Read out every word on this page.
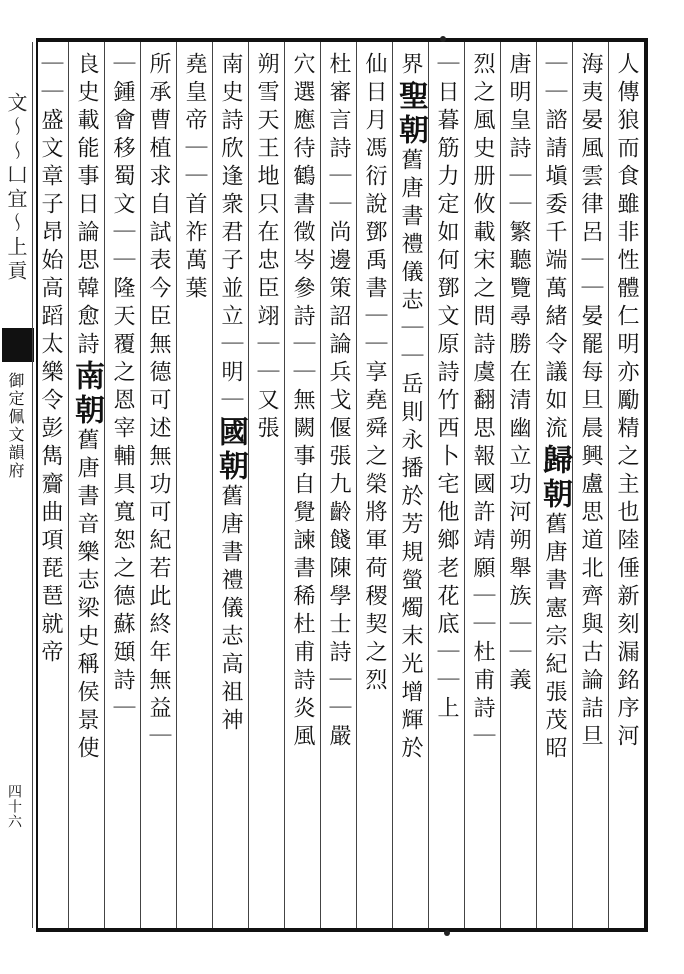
文〜〜凵宜〜上貢
御定佩文韻府
四十六
人傳狼而食雖非性體仁明亦勵精之主也陸倕新刻漏銘序河
海夷晏風雲律呂｜｜晏罷每旦晨興盧思道北齊與古論詰旦
｜｜諮請塡委千端萬緒令議如流歸朝舊唐書憲宗紀張茂昭
唐明皇詩｜｜繁聽覽尋勝在清幽立功河朔舉族｜｜義
烈之風史册攸載宋之問詩虞翻思報國許靖願｜｜杜甫詩｜
｜日暮筋力定如何鄧文原詩竹西卜宅他鄉老花底｜｜上
界聖朝舊唐書禮儀志｜｜岳則永播於芳規螢燭末光增輝於
仙日月馮衍說鄧禹書｜｜享堯舜之榮將軍荷稷契之烈
杜審言詩｜｜尚邊策詔論兵戈偃張九齡餞陳學士詩｜｜嚴
穴選應待鶴書徵岑參詩｜｜無闕事自覺諫書稀杜甫詩炎風
朔雪天王地只在忠臣翊｜｜又張
南史詩欣逢衆君子並立｜明｜國朝舊唐書禮儀志高祖神
堯皇帝｜｜首祚萬葉
所承曹植求自試表今臣無德可述無功可紀若此終年無益｜
｜鍾會移蜀文｜｜隆天覆之恩宰輔具寬恕之德蘇頲詩｜
良史載能事日論思韓愈詩南朝舊唐書音樂志梁史稱侯景使
｜｜盛文章子昂始高蹈太樂令彭雋齎曲項琵琶就帝
